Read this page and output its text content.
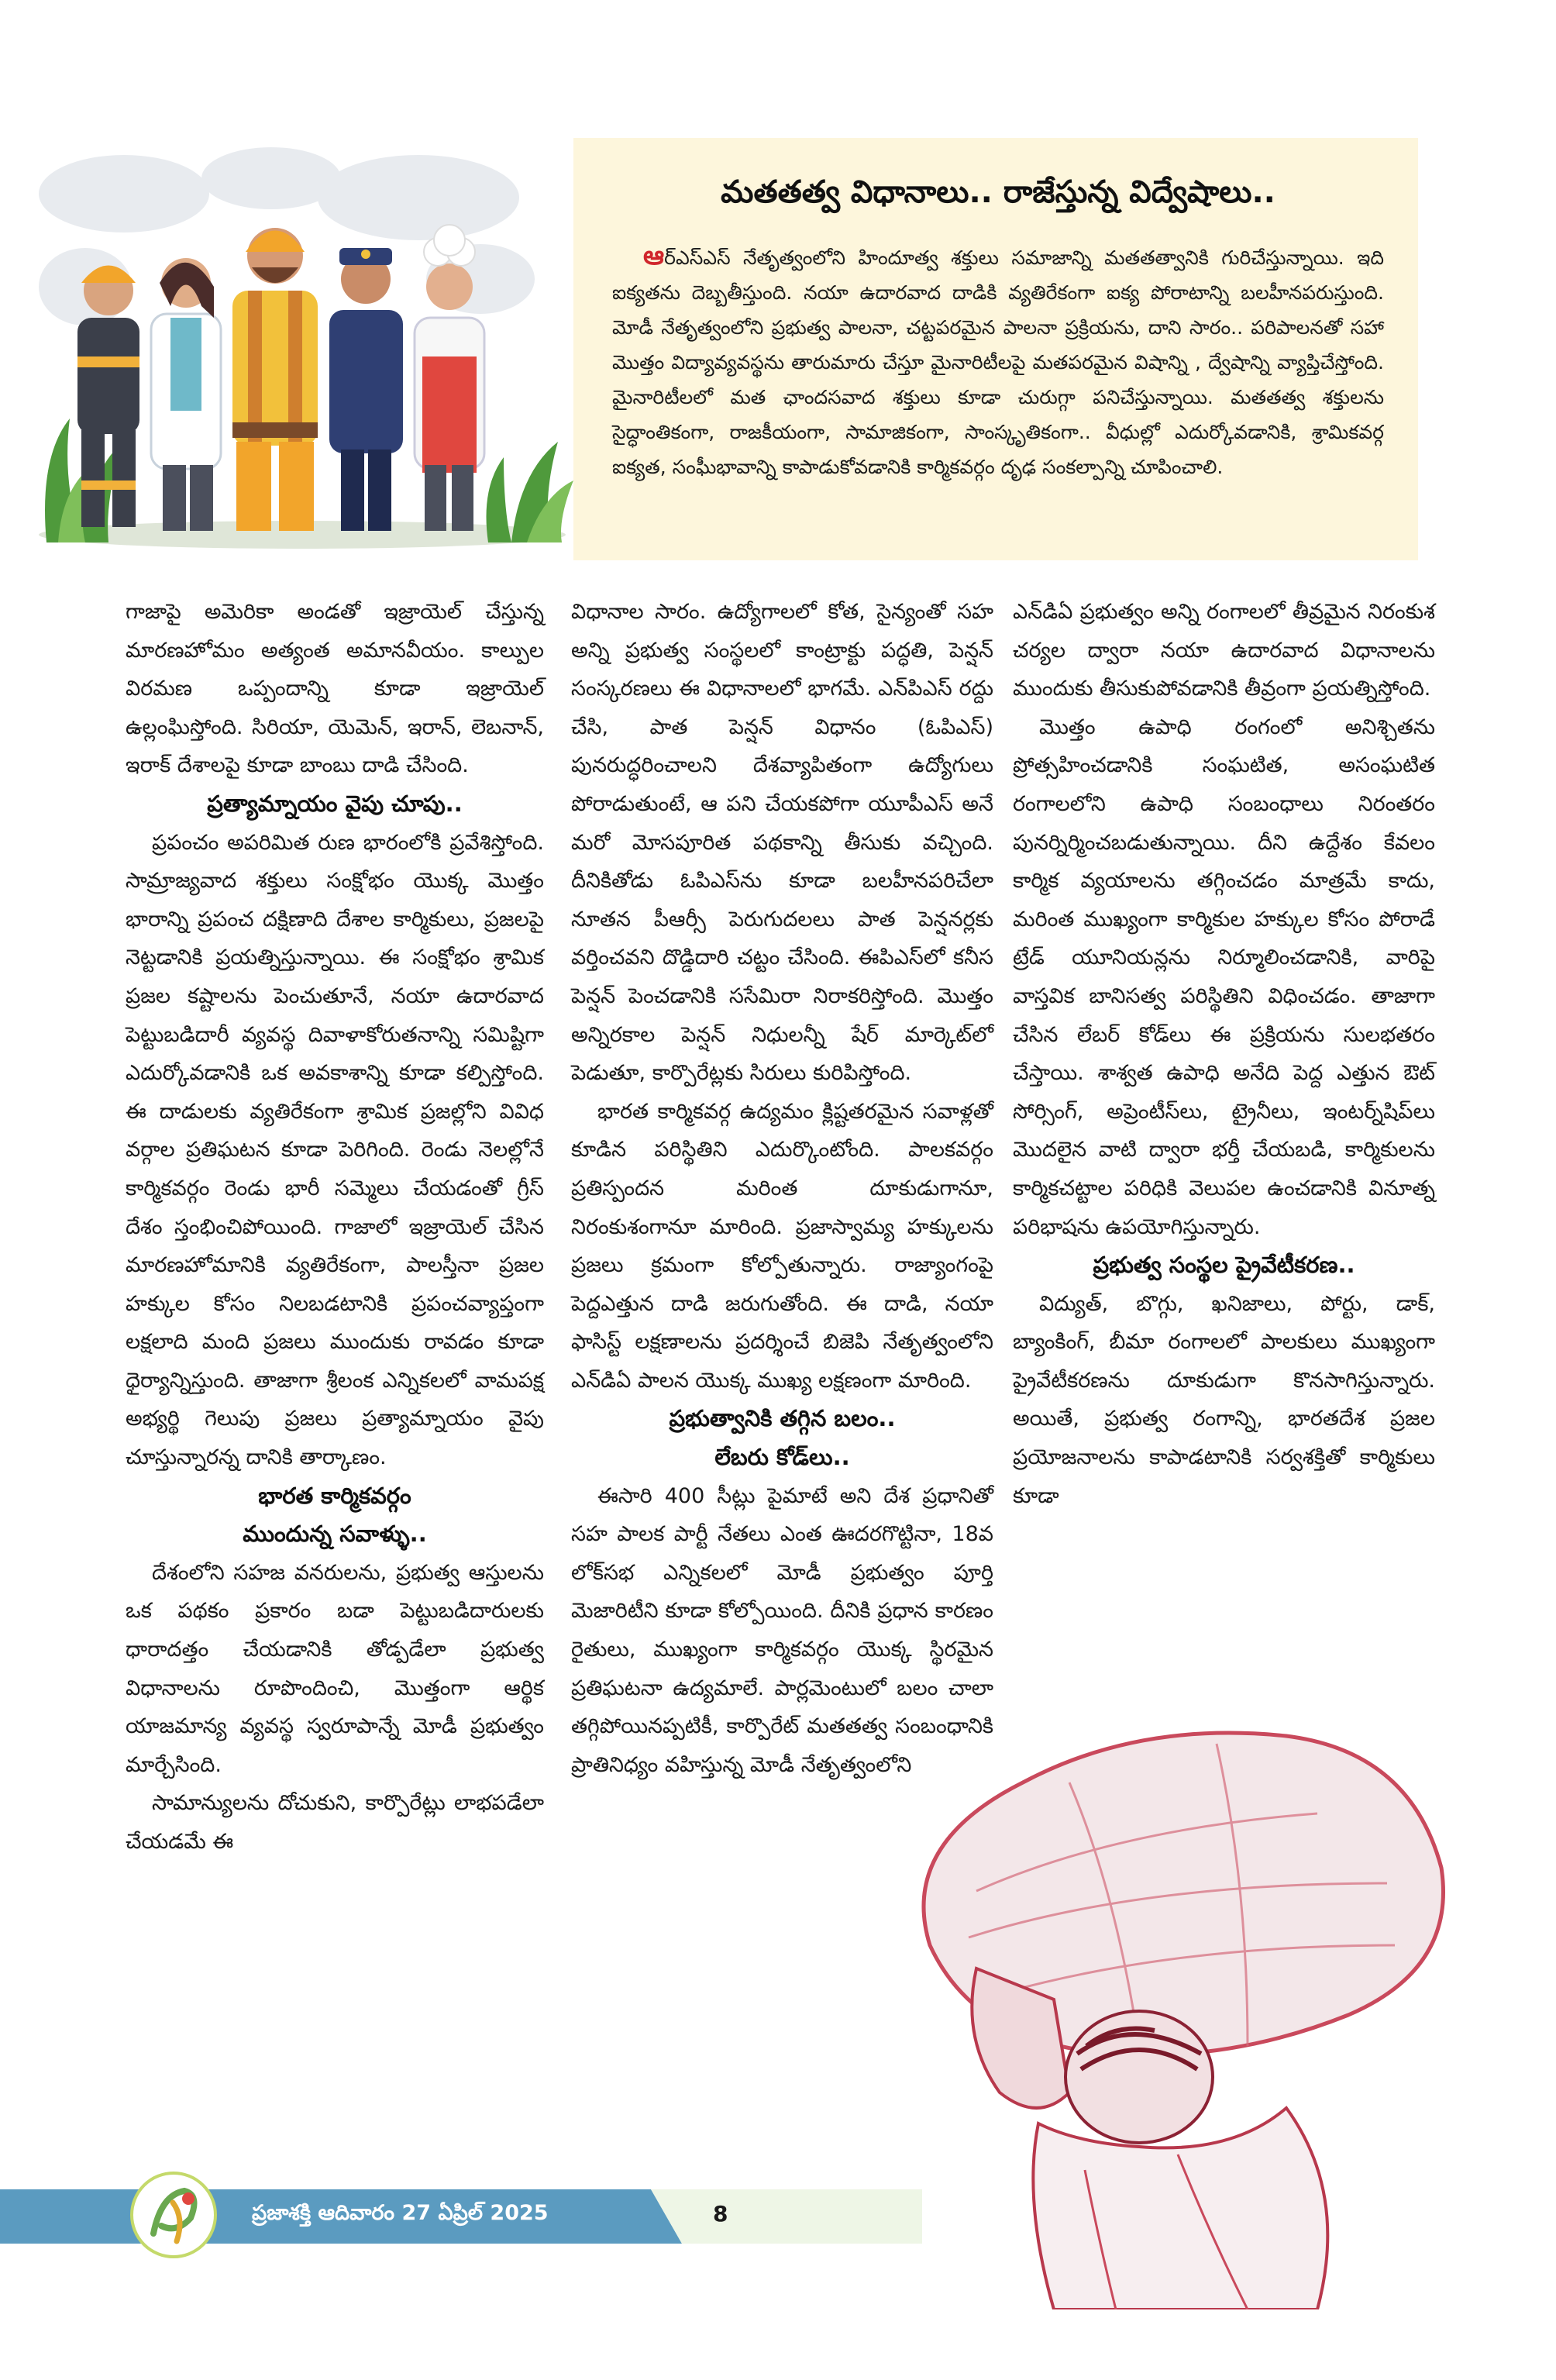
మతతత్వ విధానాలు.. రాజేస్తున్న విద్వేషాలు..

ఆర్‌ఎస్‌ఎస్‌ నేతృత్వంలోని హిందూత్వ శక్తులు సమాజాన్ని మతతత్వానికి గురిచేస్తున్నాయి. ఇది ఐక్యతను దెబ్బతీస్తుంది. నయా ఉదారవాద దాడికి వ్యతిరేకంగా ఐక్య పోరాటాన్ని బలహీనపరుస్తుంది. మోడీ నేతృత్వంలోని ప్రభుత్వ పాలనా, చట్టపరమైన పాలనా ప్రక్రియను, దాని సారం.. పరిపాలనతో సహా మొత్తం విద్యావ్యవస్థను తారుమారు చేస్తూ మైనారిటీలపై మతపరమైన విషాన్ని , ద్వేషాన్ని వ్యాప్తిచేస్తోంది. మైనారిటీలలో మత ఛాందసవాద శక్తులు కూడా చురుగ్గా పనిచేస్తున్నాయి. మతతత్వ శక్తులను సైద్ధాంతికంగా, రాజకీయంగా, సామాజికంగా, సాంస్కృతికంగా.. వీధుల్లో ఎదుర్కోవడానికి, శ్రామికవర్గ ఐక్యత, సంఘీభావాన్ని కాపాడుకోవడానికి కార్మికవర్గం దృఢ సంకల్పాన్ని చూపించాలి.

గాజాపై అమెరికా అండతో ఇజ్రాయెల్‌ చేస్తున్న మారణహోమం అత్యంత అమానవీయం. కాల్పుల విరమణ ఒప్పందాన్ని కూడా ఇజ్రాయెల్‌ ఉల్లంఘిస్తోంది. సిరియా, యెమెన్‌, ఇరాన్‌, లెబనాన్‌, ఇరాక్‌ దేశాలపై కూడా బాంబు దాడి చేసింది.

ప్రత్యామ్నాయం వైపు చూపు..

ప్రపంచం అపరిమిత రుణ భారంలోకి ప్రవేశిస్తోంది. సామ్రాజ్యవాద శక్తులు సంక్షోభం యొక్క మొత్తం భారాన్ని ప్రపంచ దక్షిణాది దేశాల కార్మికులు, ప్రజలపై నెట్టడానికి ప్రయత్నిస్తున్నాయి. ఈ సంక్షోభం శ్రామిక ప్రజల కష్టాలను పెంచుతూనే, నయా ఉదారవాద పెట్టుబడిదారీ వ్యవస్థ దివాళాకోరుతనాన్ని సమిష్టిగా ఎదుర్కోవడానికి ఒక అవకాశాన్ని కూడా కల్పిస్తోంది. ఈ దాడులకు వ్యతిరేకంగా శ్రామిక ప్రజల్లోని వివిధ వర్గాల ప్రతిఘటన కూడా పెరిగింది. రెండు నెలల్లోనే కార్మికవర్గం రెండు భారీ సమ్మెలు చేయడంతో గ్రీస్‌ దేశం స్తంభించిపోయింది. గాజాలో ఇజ్రాయెల్‌ చేసిన మారణహోమానికి వ్యతిరేకంగా, పాలస్తీనా ప్రజల హక్కుల కోసం నిలబడటానికి ప్రపంచవ్యాప్తంగా లక్షలాది మంది ప్రజలు ముందుకు రావడం కూడా ధైర్యాన్నిస్తుంది. తాజాగా శ్రీలంక ఎన్నికలలో వామపక్ష అభ్యర్థి గెలుపు ప్రజలు ప్రత్యామ్నాయం వైపు చూస్తున్నారన్న దానికి తార్కాణం.

భారత కార్మికవర్గం
ముందున్న సవాళ్ళు..

దేశంలోని సహజ వనరులను, ప్రభుత్వ ఆస్తులను ఒక పథకం ప్రకారం బడా పెట్టుబడిదారులకు ధారాదత్తం చేయడానికి తోడ్పడేలా ప్రభుత్వ విధానాలను రూపొందించి, మొత్తంగా ఆర్థిక యాజమాన్య వ్యవస్థ స్వరూపాన్నే మోడీ ప్రభుత్వం మార్చేసింది.

సామాన్యులను దోచుకుని, కార్పొరేట్లు లాభపడేలా చేయడమే ఈ

విధానాల సారం. ఉద్యోగాలలో కోత, సైన్యంతో సహ అన్ని ప్రభుత్వ సంస్థలలో కాంట్రాక్టు పద్ధతి, పెన్షన్‌ సంస్కరణలు ఈ విధానాలలో భాగమే. ఎన్‌పిఎస్‌ రద్దు చేసి, పాత పెన్షన్‌ విధానం (ఓపిఎస్‌) పునరుద్ధరించాలని దేశవ్యాపితంగా ఉద్యోగులు పోరాడుతుంటే, ఆ పని చేయకపోగా యూపీఎస్‌ అనే మరో మోసపూరిత పథకాన్ని తీసుకు వచ్చింది. దీనికితోడు ఓపిఎస్‌ను కూడా బలహీనపరిచేలా నూతన పీఆర్సీ పెరుగుదలలు పాత పెన్షనర్లకు వర్తించవని దొడ్డిదారి చట్టం చేసింది. ఈపిఎస్‌లో కనీస పెన్షన్‌ పెంచడానికి ససేమిరా నిరాకరిస్తోంది. మొత్తం అన్నిరకాల పెన్షన్‌ నిధులన్నీ షేర్‌ మార్కెట్‌లో పెడుతూ, కార్పొరేట్లకు సిరులు కురిపిస్తోంది.

భారత కార్మికవర్గ ఉద్యమం క్లిష్టతరమైన సవాళ్లతో కూడిన పరిస్థితిని ఎదుర్కొంటోంది. పాలకవర్గం ప్రతిస్పందన మరింత దూకుడుగానూ, నిరంకుశంగానూ మారింది. ప్రజాస్వామ్య హక్కులను ప్రజలు క్రమంగా కోల్పోతున్నారు. రాజ్యాంగంపై పెద్దఎత్తున దాడి జరుగుతోంది. ఈ దాడి, నయా ఫాసిస్ట్‌ లక్షణాలను ప్రదర్శించే బిజెపి నేతృత్వంలోని ఎన్‌డిఏ పాలన యొక్క ముఖ్య లక్షణంగా మారింది.

ప్రభుత్వానికి తగ్గిన బలం..
లేబరు కోడ్‌లు..

ఈసారి 400 సీట్లు పైమాటే అని దేశ ప్రధానితో సహ పాలక పార్టీ నేతలు ఎంత ఊదరగొట్టినా, 18వ లోక్‌సభ ఎన్నికలలో మోడీ ప్రభుత్వం పూర్తి మెజారిటీని కూడా కోల్పోయింది. దీనికి ప్రధాన కారణం రైతులు, ముఖ్యంగా కార్మికవర్గం యొక్క స్థిరమైన ప్రతిఘటనా ఉద్యమాలే. పార్లమెంటులో బలం చాలా తగ్గిపోయినప్పటికీ, కార్పొరేట్‌ మతతత్వ సంబంధానికి ప్రాతినిధ్యం వహిస్తున్న మోడీ నేతృత్వంలోని

ఎన్‌డిఏ ప్రభుత్వం అన్ని రంగాలలో తీవ్రమైన నిరంకుశ చర్యల ద్వారా నయా ఉదారవాద విధానాలను ముందుకు తీసుకుపోవడానికి తీవ్రంగా ప్రయత్నిస్తోంది.

మొత్తం ఉపాధి రంగంలో అనిశ్చితను ప్రోత్సహించడానికి సంఘటిత, అసంఘటిత రంగాలలోని ఉపాధి సంబంధాలు నిరంతరం పునర్నిర్మించబడుతున్నాయి. దీని ఉద్దేశం కేవలం కార్మిక వ్యయాలను తగ్గించడం మాత్రమే కాదు, మరింత ముఖ్యంగా కార్మికుల హక్కుల కోసం పోరాడే ట్రేడ్‌ యూనియన్లను నిర్మూలించడానికి, వారిపై వాస్తవిక బానిసత్వ పరిస్థితిని విధించడం. తాజాగా చేసిన లేబర్‌ కోడ్‌లు ఈ ప్రక్రియను సులభతరం చేస్తాయి. శాశ్వత ఉపాధి అనేది పెద్ద ఎత్తున ఔట్‌ సోర్సింగ్‌, అప్రెంటీస్‌లు, ట్రైనీలు, ఇంటర్న్‌షిప్‌లు మొదలైన వాటి ద్వారా భర్తీ చేయబడి, కార్మికులను కార్మికచట్టాల పరిధికి వెలుపల ఉంచడానికి వినూత్న పరిభాషను ఉపయోగిస్తున్నారు.

ప్రభుత్వ సంస్థల ప్రైవేటీకరణ..

విద్యుత్‌, బొగ్గు, ఖనిజాలు, పోర్టు, డాక్‌, బ్యాంకింగ్‌, బీమా రంగాలలో పాలకులు ముఖ్యంగా ప్రైవేటీకరణను దూకుడుగా కొనసాగిస్తున్నారు. అయితే, ప్రభుత్వ రంగాన్ని, భారతదేశ ప్రజల ప్రయోజనాలను కాపాడటానికి సర్వశక్తితో కార్మికులు కూడా

ప్రజాశక్తి ఆదివారం 27 ఏప్రిల్‌ 2025	8
